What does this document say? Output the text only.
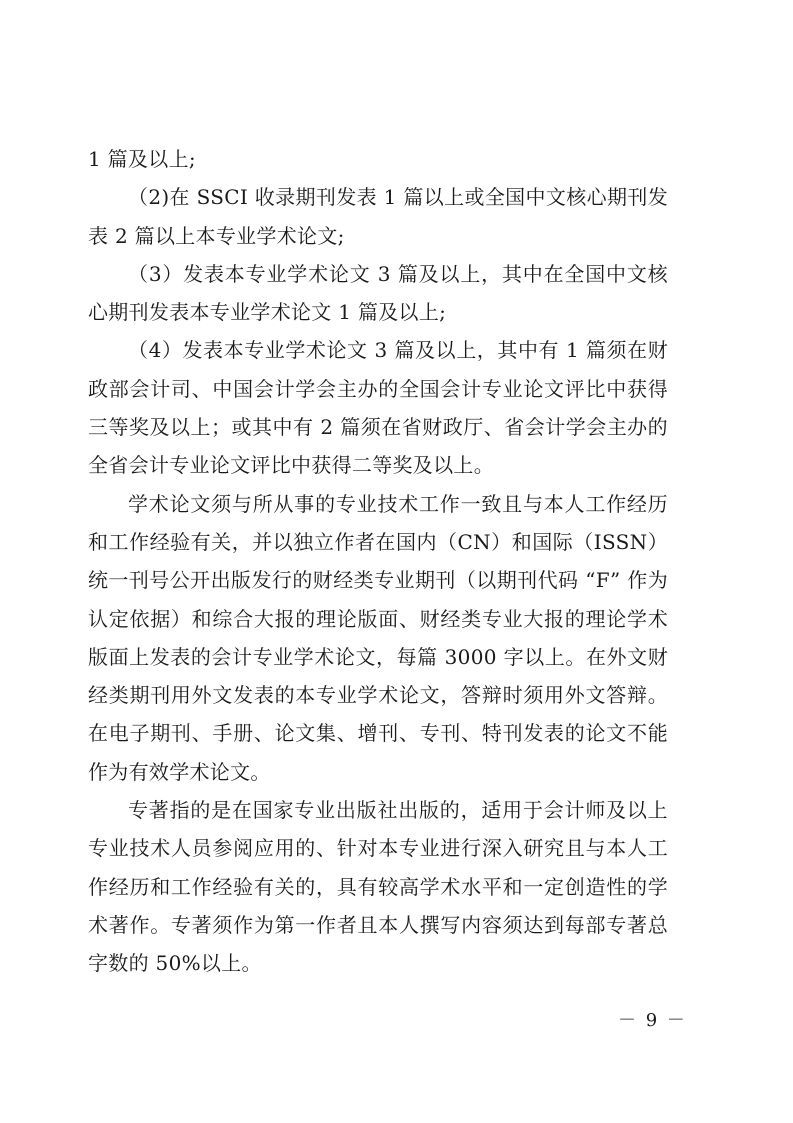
1 篇及以上;

（2)在 SSCI 收录期刊发表 1 篇以上或全国中文核心期刊发表 2 篇以上本专业学术论文;

（3）发表本专业学术论文 3 篇及以上，其中在全国中文核心期刊发表本专业学术论文 1 篇及以上;

（4）发表本专业学术论文 3 篇及以上，其中有 1 篇须在财政部会计司、中国会计学会主办的全国会计专业论文评比中获得三等奖及以上；或其中有 2 篇须在省财政厅、省会计学会主办的全省会计专业论文评比中获得二等奖及以上。

学术论文须与所从事的专业技术工作一致且与本人工作经历和工作经验有关，并以独立作者在国内（CN）和国际（ISSN）统一刊号公开出版发行的财经类专业期刊（以期刊代码 “F” 作为认定依据）和综合大报的理论版面、财经类专业大报的理论学术版面上发表的会计专业学术论文，每篇 3000 字以上。在外文财经类期刊用外文发表的本专业学术论文，答辩时须用外文答辩。在电子期刊、手册、论文集、增刊、专刊、特刊发表的论文不能作为有效学术论文。

专著指的是在国家专业出版社出版的，适用于会计师及以上专业技术人员参阅应用的、针对本专业进行深入研究且与本人工作经历和工作经验有关的，具有较高学术水平和一定创造性的学术著作。专著须作为第一作者且本人撰写内容须达到每部专著总字数的 50%以上。

－ 9 －
